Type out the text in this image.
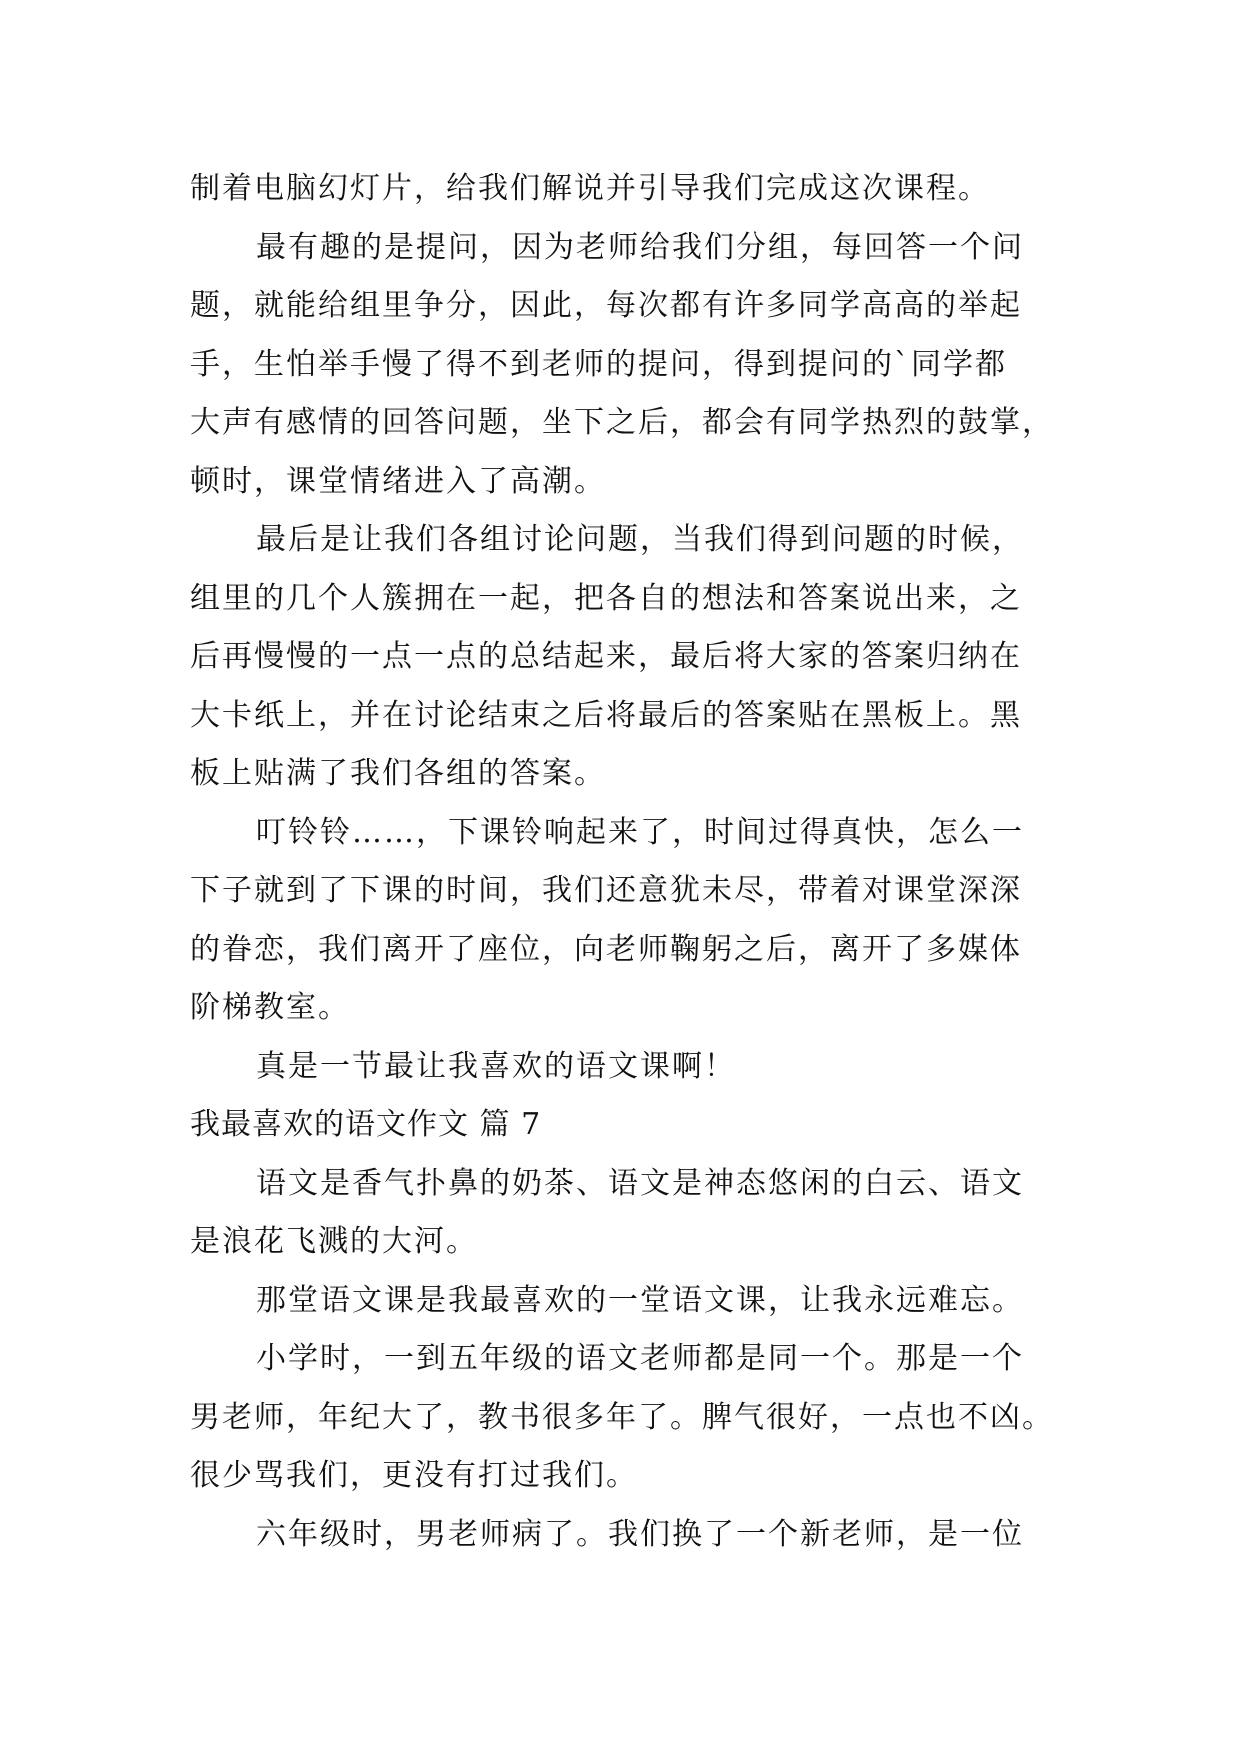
制着电脑幻灯片，给我们解说并引导我们完成这次课程。
最有趣的是提问，因为老师给我们分组，每回答一个问
题，就能给组里争分，因此，每次都有许多同学高高的举起
手，生怕举手慢了得不到老师的提问，得到提问的`同学都
大声有感情的回答问题，坐下之后，都会有同学热烈的鼓掌，
顿时，课堂情绪进入了高潮。
最后是让我们各组讨论问题，当我们得到问题的时候，
组里的几个人簇拥在一起，把各自的想法和答案说出来，之
后再慢慢的一点一点的总结起来，最后将大家的答案归纳在
大卡纸上，并在讨论结束之后将最后的答案贴在黑板上。黑
板上贴满了我们各组的答案。
叮铃铃……，下课铃响起来了，时间过得真快，怎么一
下子就到了下课的时间，我们还意犹未尽，带着对课堂深深
的眷恋，我们离开了座位，向老师鞠躬之后，离开了多媒体
阶梯教室。
真是一节最让我喜欢的语文课啊！
我最喜欢的语文作文 篇 7
语文是香气扑鼻的奶茶、语文是神态悠闲的白云、语文
是浪花飞溅的大河。
那堂语文课是我最喜欢的一堂语文课，让我永远难忘。
小学时，一到五年级的语文老师都是同一个。那是一个
男老师，年纪大了，教书很多年了。脾气很好，一点也不凶。
很少骂我们，更没有打过我们。
六年级时，男老师病了。我们换了一个新老师，是一位
